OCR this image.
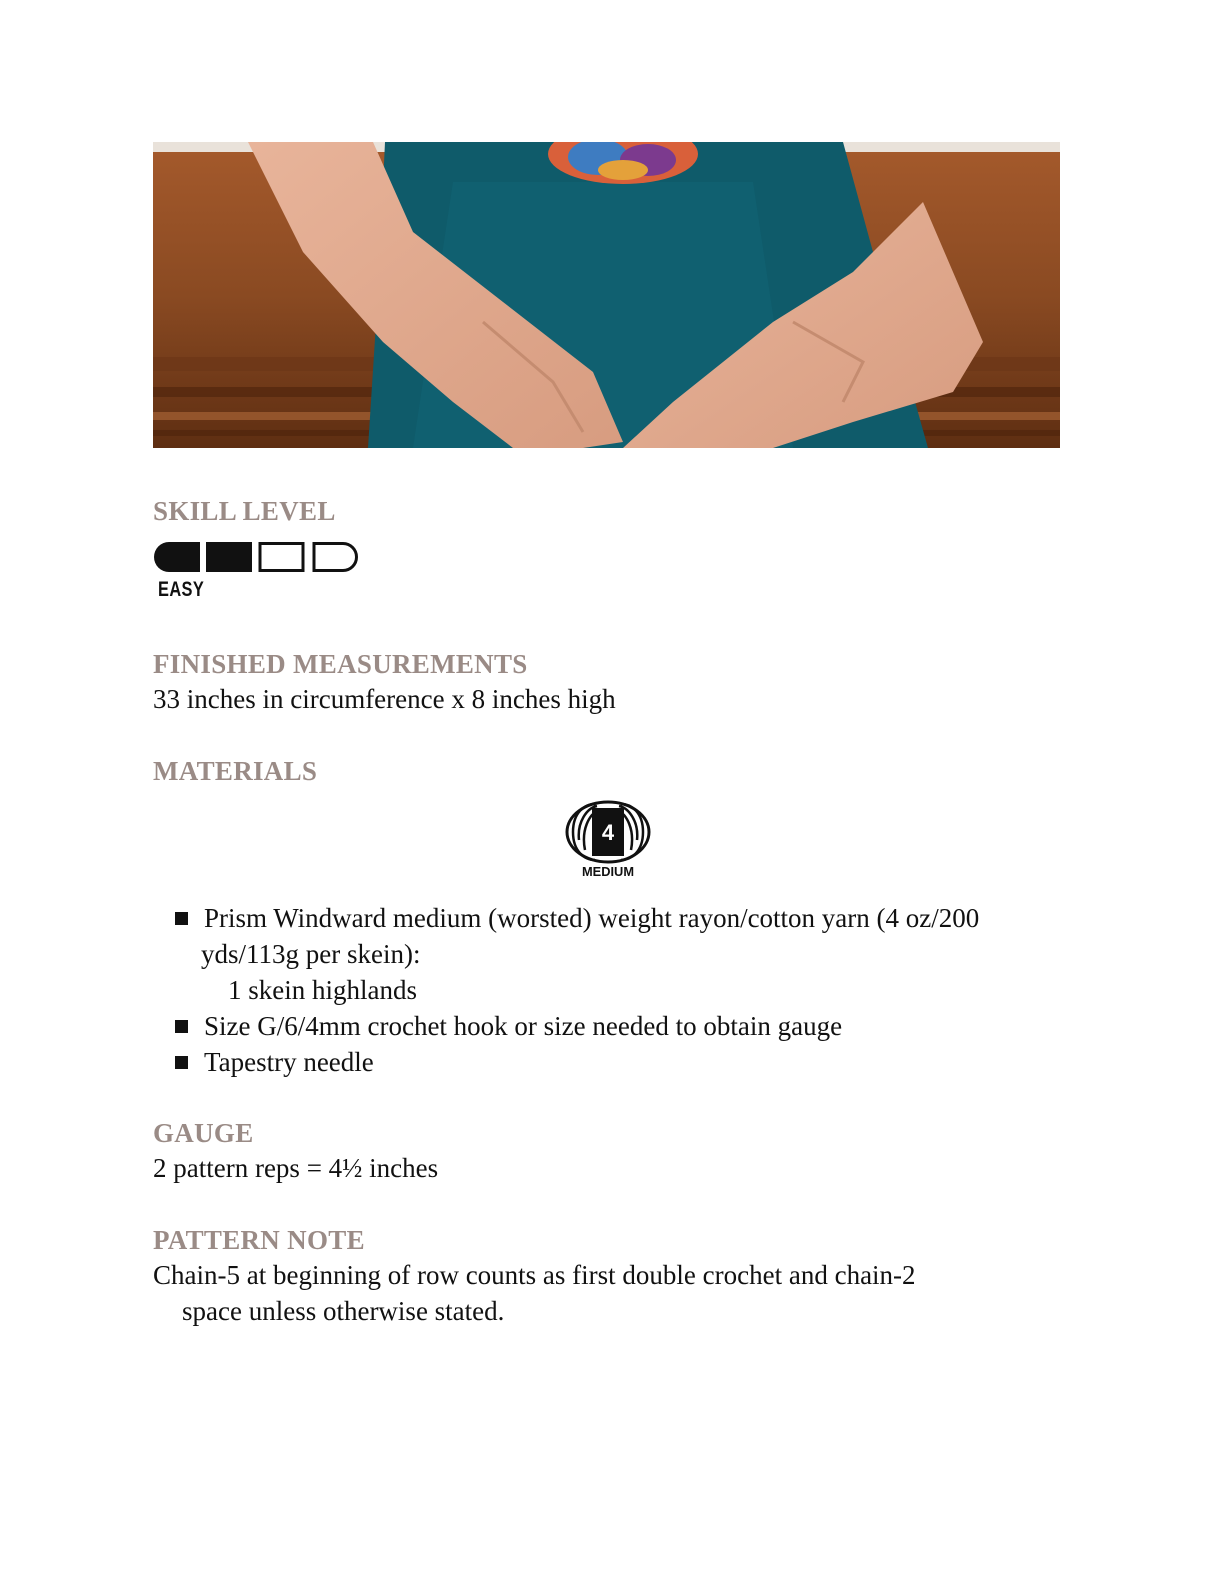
SKILL LEVEL
EASY
FINISHED MEASUREMENTS

33 inches in circumference x 8 inches high

MATERIALS
4
MEDIUM
Prism Windward medium (worsted) weight rayon/cotton yarn (4 oz/200
yds/113g per skein):
1 skein highlands
Size G/6/4mm crochet hook or size needed to obtain gauge
Tapestry needle
GAUGE

2 pattern reps = 4½ inches

PATTERN NOTE

Chain-5 at beginning of row counts as first double crochet and chain-2

space unless otherwise stated.
